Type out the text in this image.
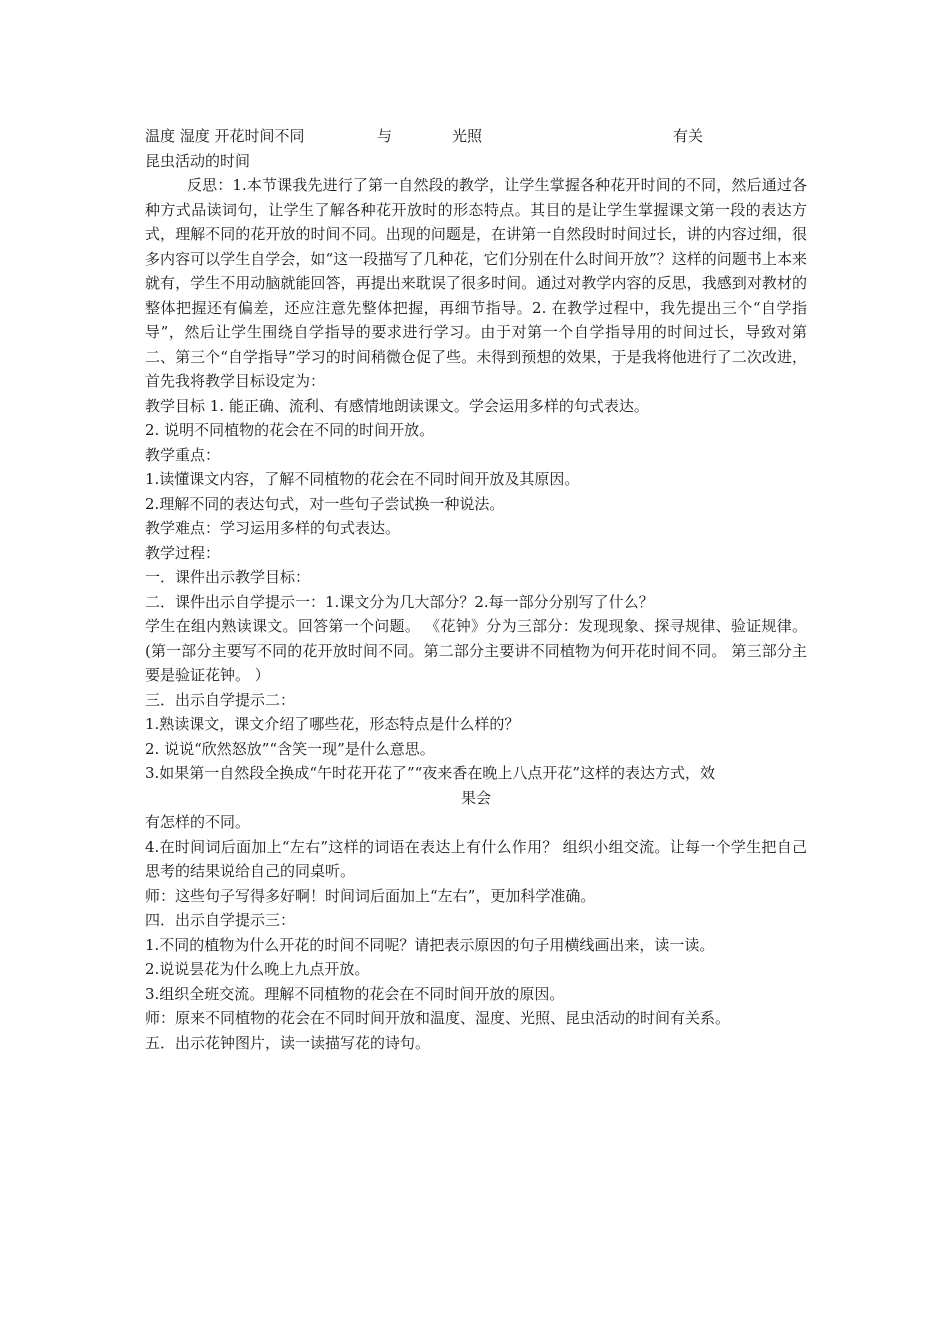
温度 湿度 开花时间不同	与	光照	有关
昆虫活动的时间
反思：1.本节课我先进行了第一自然段的教学，让学生掌握各种花开时间的不同，然后通过各种方式品读词句，让学生了解各种花开放时的形态特点。其目的是让学生掌握课文第一段的表达方式，理解不同的花开放的时间不同。出现的问题是，在讲第一自然段时时间过长，讲的内容过细，很多内容可以学生自学会，如“这一段描写了几种花，它们分别在什么时间开放”？这样的问题书上本来就有，学生不用动脑就能回答，再提出来耽误了很多时间。通过对教学内容的反思，我感到对教材的整体把握还有偏差，还应注意先整体把握，再细节指导。2. 在教学过程中，我先提出三个“自学指导”，然后让学生围绕自学指导的要求进行学习。由于对第一个自学指导用的时间过长，导致对第二、第三个“自学指导”学习的时间稍微仓促了些。未得到预想的效果，于是我将他进行了二次改进，首先我将教学目标设定为：
教学目标 1. 能正确、流利、有感情地朗读课文。学会运用多样的句式表达。
2. 说明不同植物的花会在不同的时间开放。
教学重点：
1.读懂课文内容，了解不同植物的花会在不同时间开放及其原因。
2.理解不同的表达句式，对一些句子尝试换一种说法。
教学难点：学习运用多样的句式表达。
教学过程：
一．课件出示教学目标：
二．课件出示自学提示一：1.课文分为几大部分？2.每一部分分别写了什么？
学生在组内熟读课文。回答第一个问题。 《花钟》分为三部分：发现现象、探寻规律、验证规律。(第一部分主要写不同的花开放时间不同。第二部分主要讲不同植物为何开花时间不同。 第三部分主要是验证花钟。 ）
三．出示自学提示二：
1.熟读课文，课文介绍了哪些花，形态特点是什么样的？
2. 说说“欣然怒放”“含笑一现”是什么意思。
3.如果第一自然段全换成“午时花开花了”“夜来香在晚上八点开花”这样的表达方式，效
果会
有怎样的不同。
4.在时间词后面加上“左右”这样的词语在表达上有什么作用？ 组织小组交流。让每一个学生把自己思考的结果说给自己的同桌听。
师：这些句子写得多好啊！时间词后面加上“左右”，更加科学准确。
四．出示自学提示三：
1.不同的植物为什么开花的时间不同呢？请把表示原因的句子用横线画出来，读一读。
2.说说昙花为什么晚上九点开放。
3.组织全班交流。理解不同植物的花会在不同时间开放的原因。
师：原来不同植物的花会在不同时间开放和温度、湿度、光照、昆虫活动的时间有关系。
五．出示花钟图片，读一读描写花的诗句。
